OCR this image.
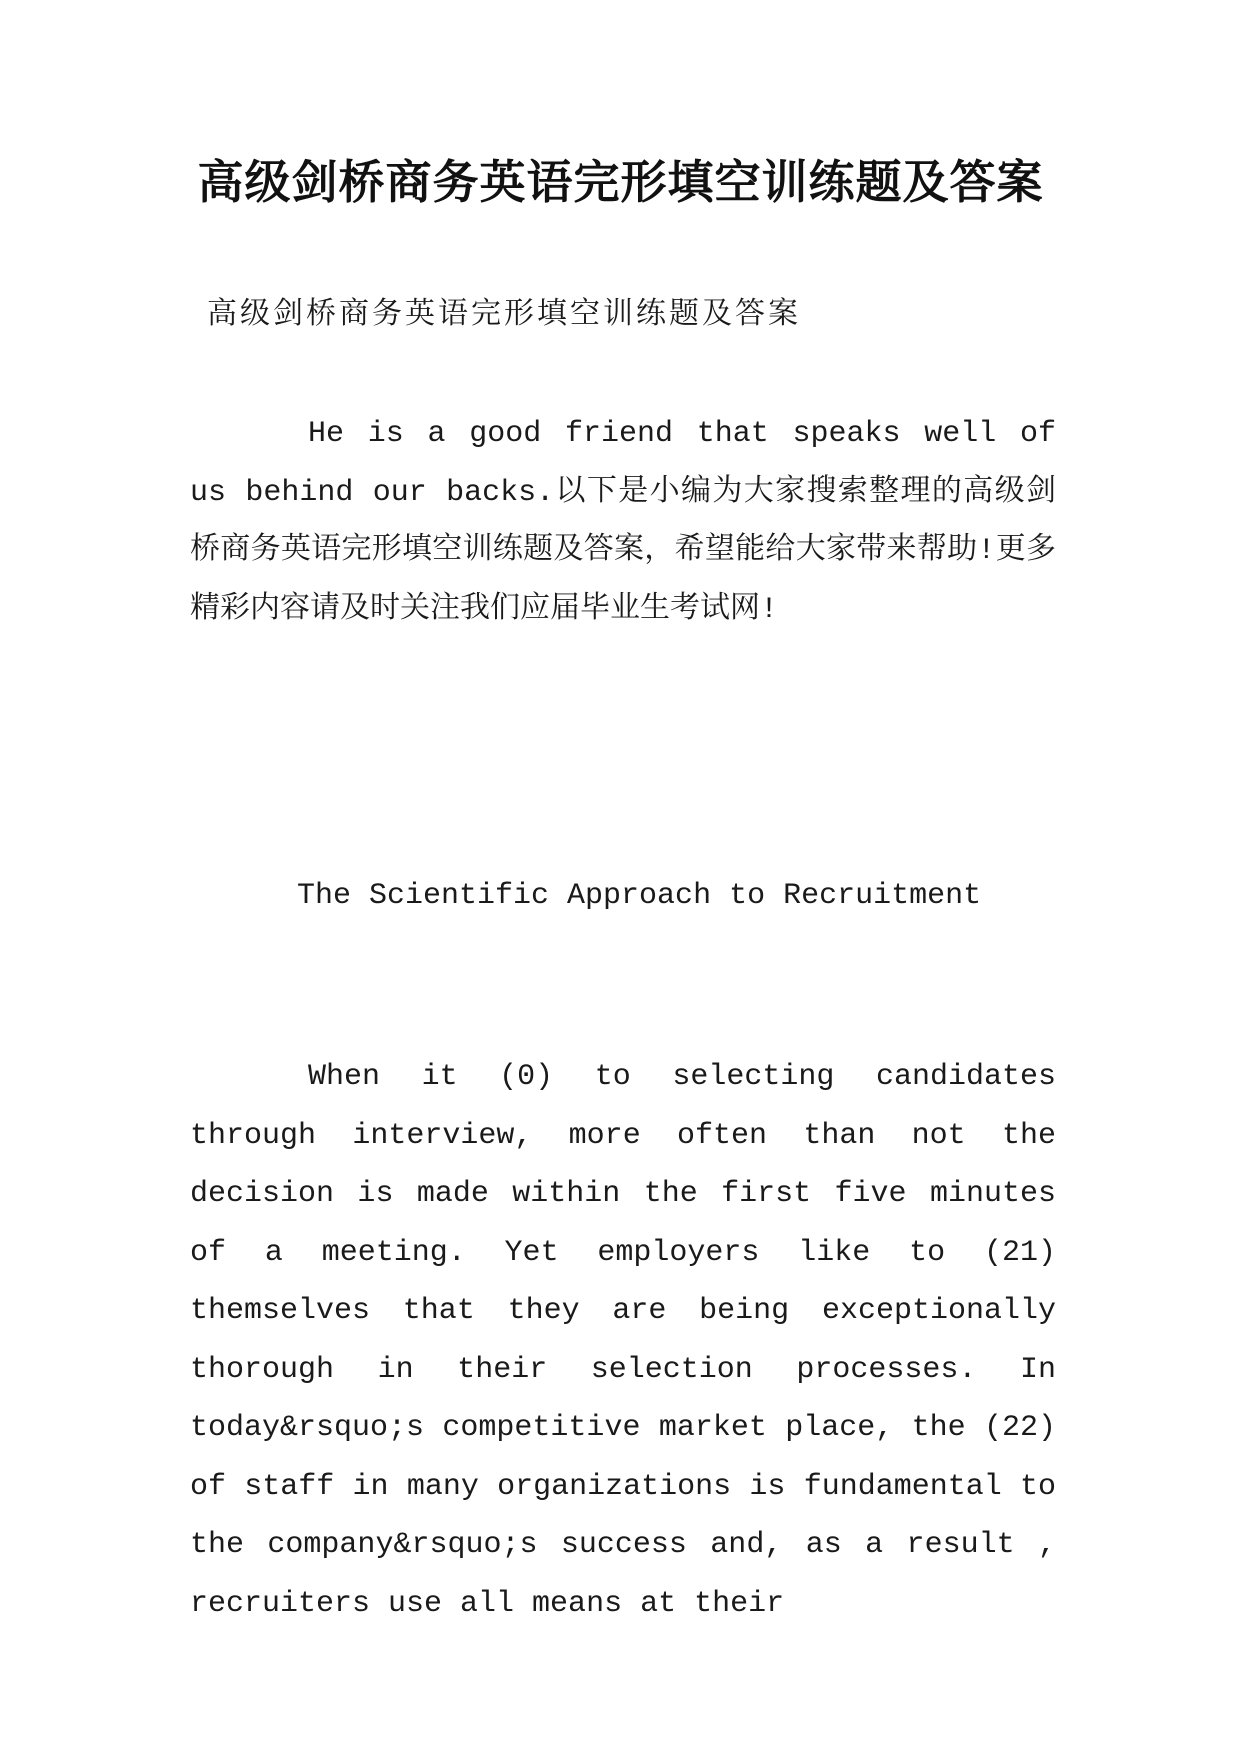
高级剑桥商务英语完形填空训练题及答案
高级剑桥商务英语完形填空训练题及答案

He is a good friend that speaks well of us behind our backs.以下是小编为大家搜索整理的高级剑桥商务英语完形填空训练题及答案，希望能给大家带来帮助!更多精彩内容请及时关注我们应届毕业生考试网!

The Scientific Approach to Recruitment

When it (0) to selecting candidates through interview, more often than not the decision is made within the first five minutes of a meeting. Yet employers like to (21) themselves that they are being exceptionally thorough in their selection processes. In today&rsquo;s competitive market place, the (22) of staff in many organizations is fundamental to the company&rsquo;s success and, as a result , recruiters use all means at their
